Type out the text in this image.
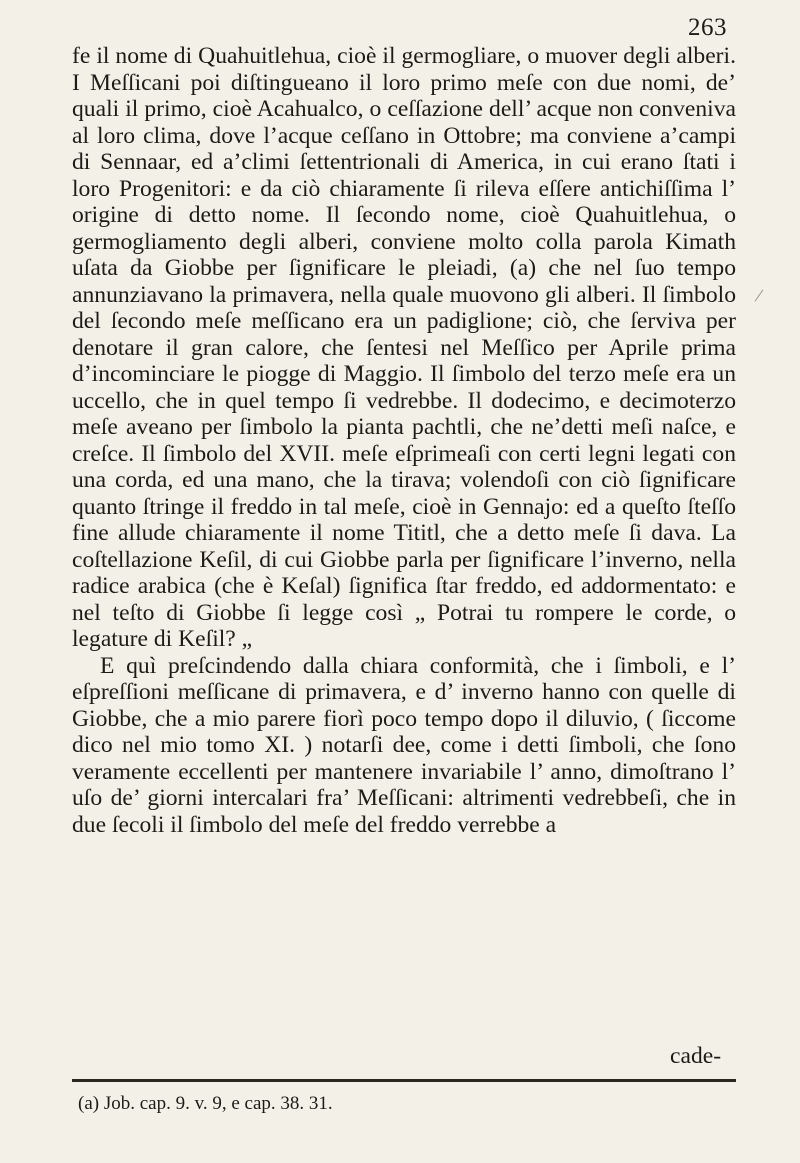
263

fe il nome di Quahuitlehua, cioè il germogliare, o muover degli alberi. I Meſſicani poi diſtingueano il loro primo meſe con due nomi, de’ quali il primo, cioè Acahualco, o ceſſazione dell’ acque non conveniva al loro clima, dove l’acque ceſſano in Ottobre; ma conviene a’campi di Sennaar, ed a’climi ſettentrionali di America, in cui erano ſtati i loro Progenitori: e da ciò chiaramente ſi rileva eſſere antichiſſima l’ origine di detto nome. Il ſecondo nome, cioè Quahuitlehua, o germogliamento degli alberi, conviene molto colla parola Kimath uſata da Giobbe per ſignificare le pleiadi, (a) che nel ſuo tempo annunziavano la primavera, nella quale muovono gli alberi. Il ſimbolo del ſecondo meſe meſſicano era un padiglione; ciò, che ſerviva per denotare il gran calore, che ſentesi nel Meſſico per Aprile prima d’incominciare le piogge di Maggio. Il ſimbolo del terzo meſe era un uccello, che in quel tempo ſi vedrebbe. Il dodecimo, e decimoterzo meſe aveano per ſimbolo la pianta pachtli, che ne’detti meſi naſce, e creſce. Il ſimbolo del XVII. meſe eſprimeaſi con certi legni legati con una corda, ed una mano, che la tirava; volendoſi con ciò ſignificare quanto ſtringe il freddo in tal meſe, cioè in Gennajo: ed a queſto ſteſſo fine allude chiaramente il nome Tititl, che a detto meſe ſi dava. La coſtellazione Keſil, di cui Giobbe parla per ſignificare l’inverno, nella radice arabica (che è Keſal) ſignifica ſtar freddo, ed addormentato: e nel teſto di Giobbe ſi legge così „ Potrai tu rompere le corde, o legature di Keſil? „

E quì preſcindendo dalla chiara conformità, che i ſimboli, e l’ eſpreſſioni meſſicane di primavera, e d’ inverno hanno con quelle di Giobbe, che a mio parere fiorì poco tempo dopo il diluvio, ( ſiccome dico nel mio tomo XI. ) notarſi dee, come i detti ſimboli, che ſono veramente eccellenti per mantenere invariabile l’ anno, dimoſtrano l’ uſo de’ giorni intercalari fra’ Meſſicani: altrimenti vedrebbeſi, che in due ſecoli il ſimbolo del meſe del freddo verrebbe a

cade-
(a) Job. cap. 9. v. 9, e cap. 38. 31.
